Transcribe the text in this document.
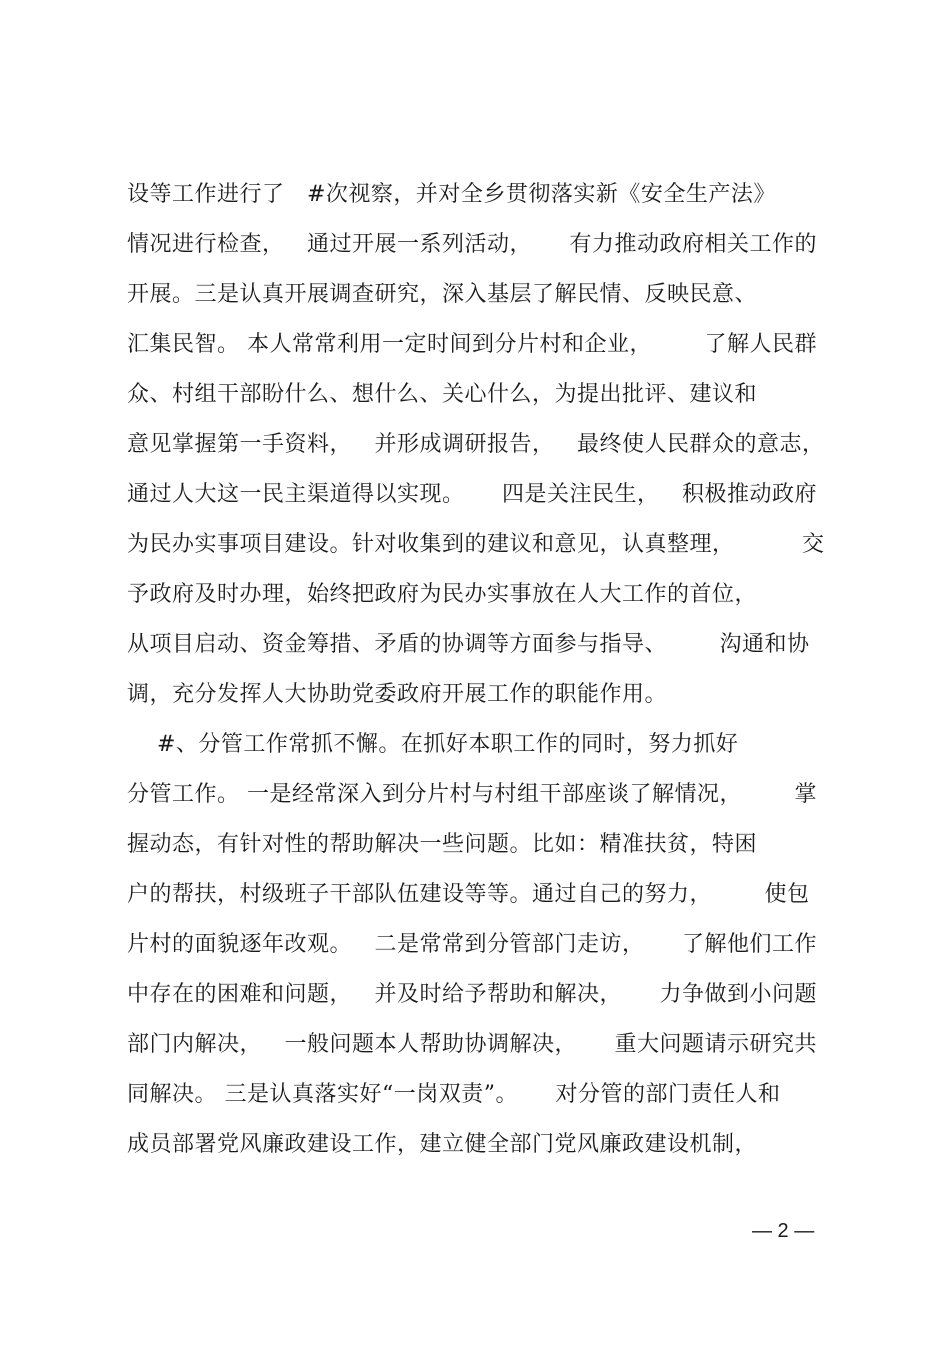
设等工作进行了   #次视察，并对全乡贯彻落实新《安全生产法》
情况进行检查，   通过开展一系列活动，     有力推动政府相关工作的
开展。三是认真开展调查研究，深入基层了解民情、反映民意、
汇集民智。 本人常常利用一定时间到分片村和企业，       了解人民群
众、村组干部盼什么、想什么、关心什么，为提出批评、建议和
意见掌握第一手资料，   并形成调研报告，   最终使人民群众的意志，
通过人大这一民主渠道得以实现。     四是关注民生，   积极推动政府
为民办实事项目建设。针对收集到的建议和意见，认真整理，         交
予政府及时办理，始终把政府为民办实事放在人大工作的首位，
从项目启动、资金筹措、矛盾的协调等方面参与指导、       沟通和协
调，充分发挥人大协助党委政府开展工作的职能作用。
#、分管工作常抓不懈。在抓好本职工作的同时，努力抓好
分管工作。 一是经常深入到分片村与村组干部座谈了解情况，       掌
握动态，有针对性的帮助解决一些问题。比如：精准扶贫，特困
户的帮扶，村级班子干部队伍建设等等。通过自己的努力，       使包
片村的面貌逐年改观。   二是常常到分管部门走访，     了解他们工作
中存在的困难和问题，   并及时给予帮助和解决，     力争做到小问题
部门内解决，   一般问题本人帮助协调解决，     重大问题请示研究共
同解决。 三是认真落实好“一岗双责”。     对分管的部门责任人和
成员部署党风廉政建设工作，建立健全部门党风廉政建设机制，
— 2 —
